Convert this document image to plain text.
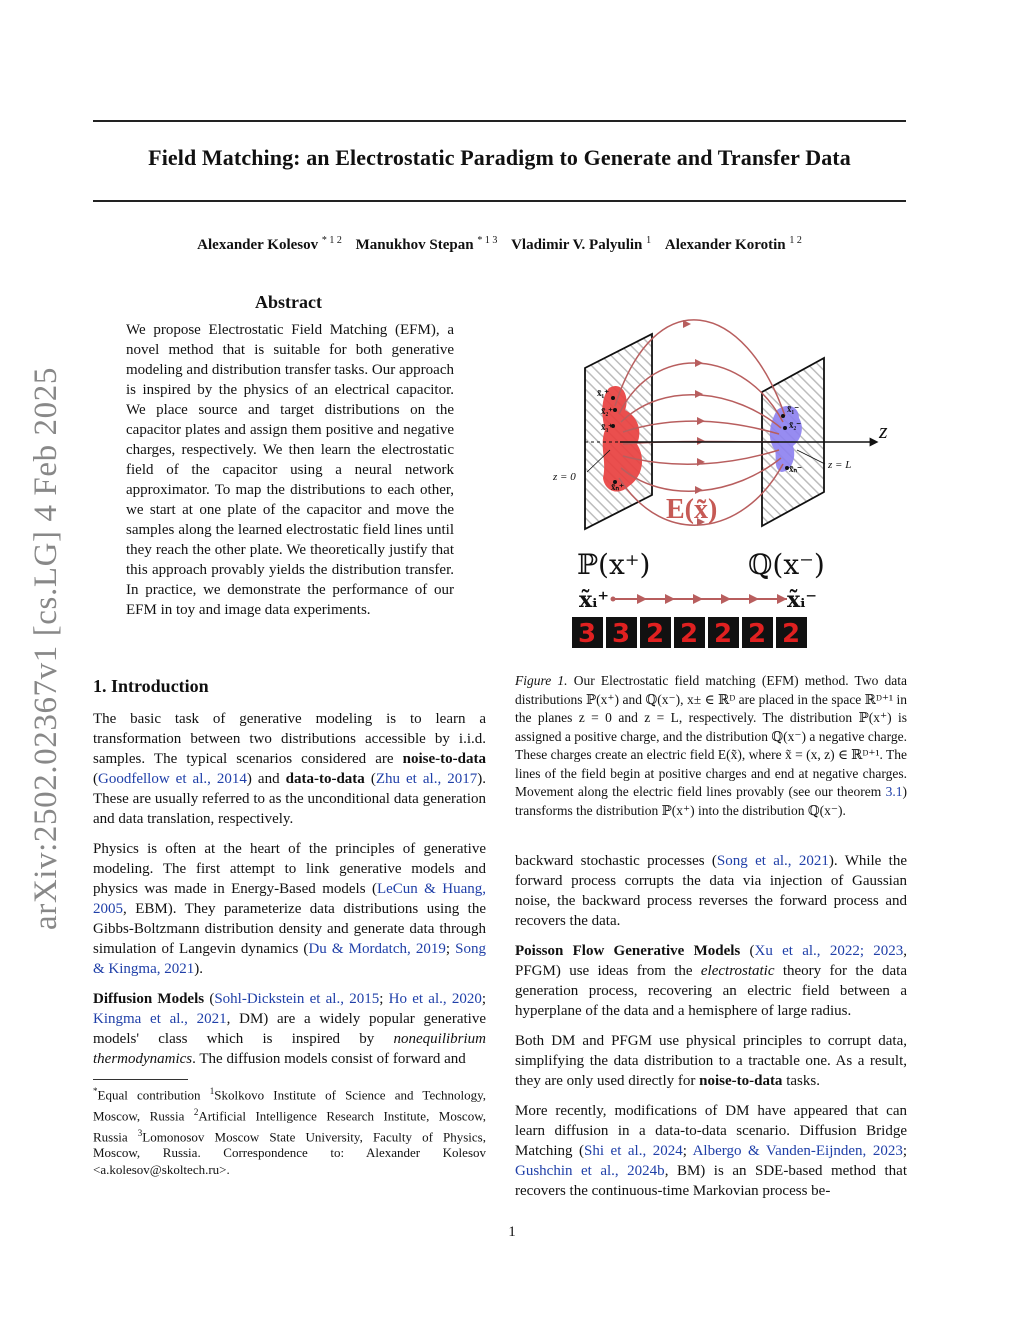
Field Matching: an Electrostatic Paradigm to Generate and Transfer Data
Alexander Kolesov $^{* 1 2}$ Manukhov Stepan $^{* 1 3}$ Vladimir V. Palyulin $^1$ Alexander Korotin $^{1 2}$
arXiv:2502.02367v1 [cs.LG] 4 Feb 2025
Abstract

We propose Electrostatic Field Matching (EFM), a novel method that is suitable for both generative modeling and distribution transfer tasks. Our approach is inspired by the physics of an electrical capacitor. We place source and target distributions on the capacitor plates and assign them positive and negative charges, respectively. We then learn the electrostatic field of the capacitor using a neural network approximator. To map the distributions to each other, we start at one plate of the capacitor and move the samples along the learned electrostatic field lines until they reach the other plate. We theoretically justify that this approach provably yields the distribution transfer. In practice, we demonstrate the performance of our EFM in toy and image data experiments.

1. Introduction

The basic task of generative modeling is to learn a transformation between two distributions accessible by i.i.d. samples. The typical scenarios considered are noise-to-data (Goodfellow et al., 2014) and data-to-data (Zhu et al., 2017). These are usually referred to as the unconditional data generation and data translation, respectively.

Physics is often at the heart of the principles of generative modeling. The first attempt to link generative models and physics was made in Energy-Based models (LeCun & Huang, 2005, EBM). They parameterize data distributions using the Gibbs-Boltzmann distribution density and generate data through simulation of Langevin dynamics (Du & Mordatch, 2019; Song & Kingma, 2021).

Diffusion Models (Sohl-Dickstein et al., 2015; Ho et al., 2020; Kingma et al., 2021, DM) are a widely popular generative models' class which is inspired by nonequilibrium thermodynamics. The diffusion models consist of forward and

*Equal contribution $^1$Skolkovo Institute of Science and Technology, Moscow, Russia $^2$Artificial Intelligence Research Institute, Moscow, Russia $^3$Lomonosov Moscow State University, Faculty of Physics, Moscow, Russia. Correspondence to: Alexander Kolesov <a.kolesov@skoltech.ru>.

x̃₁⁺
x̃₂⁺
x̃₃⁺
x̃ₙ⁺
x̃₁⁻
x̃₂⁻
x̃ₙ⁻
z
z = 0
z = L
E(x̃)
ℙ(x⁺)	ℚ(x⁻)
x̃ᵢ⁺	x̃ᵢ⁻
3 3 2 2 2 2 2

Figure 1. Our Electrostatic field matching (EFM) method. Two data distributions ℙ(x⁺) and ℚ(x⁻), x± ∈ ℝᴰ are placed in the space ℝᴰ⁺¹ in the planes z = 0 and z = L, respectively. The distribution ℙ(x⁺) is assigned a positive charge, and the distribution ℚ(x⁻) a negative charge. These charges create an electric field E(x̃), where x̃ = (x, z) ∈ ℝᴰ⁺¹. The lines of the field begin at positive charges and end at negative charges. Movement along the electric field lines provably (see our theorem 3.1) transforms the distribution ℙ(x⁺) into the distribution ℚ(x⁻).

backward stochastic processes (Song et al., 2021). While the forward process corrupts the data via injection of Gaussian noise, the backward process reverses the forward process and recovers the data.

Poisson Flow Generative Models (Xu et al., 2022; 2023, PFGM) use ideas from the electrostatic theory for the data generation process, recovering an electric field between a hyperplane of the data and a hemisphere of large radius.

Both DM and PFGM use physical principles to corrupt data, simplifying the data distribution to a tractable one. As a result, they are only used directly for noise-to-data tasks.

More recently, modifications of DM have appeared that can learn diffusion in a data-to-data scenario. Diffusion Bridge Matching (Shi et al., 2024; Albergo & Vanden-Eijnden, 2023; Gushchin et al., 2024b, BM) is an SDE-based method that recovers the continuous-time Markovian process be-

1
